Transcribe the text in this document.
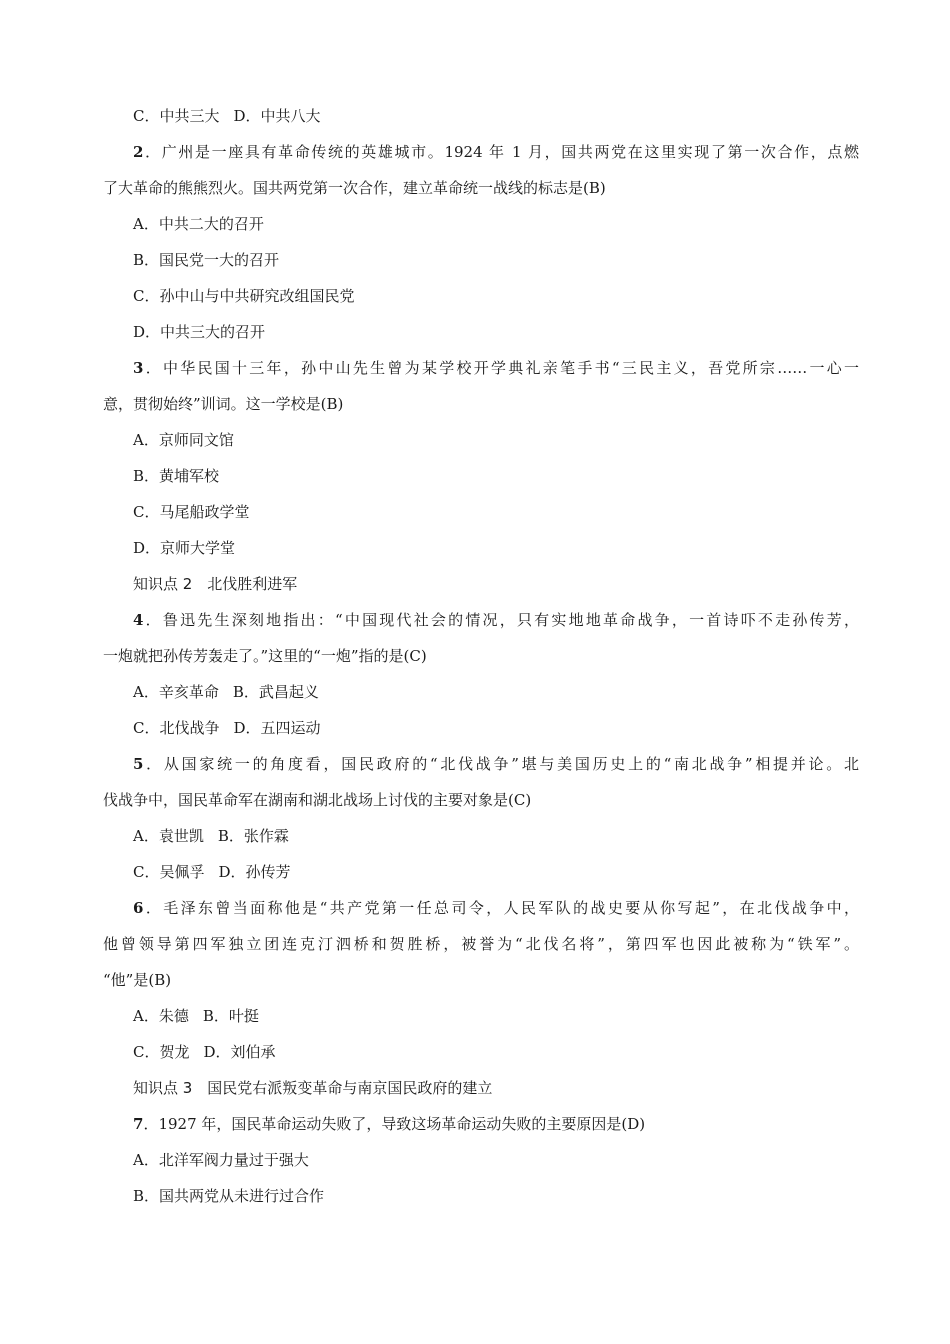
C．中共三大 D．中共八大
2．广州是一座具有革命传统的英雄城市。1924 年 1 月，国共两党在这里实现了第一次合作，点燃
了大革命的熊熊烈火。国共两党第一次合作，建立革命统一战线的标志是(B)
A．中共二大的召开
B．国民党一大的召开
C．孙中山与中共研究改组国民党
D．中共三大的召开
3．中华民国十三年，孙中山先生曾为某学校开学典礼亲笔手书“三民主义，吾党所宗……一心一
意，贯彻始终”训词。这一学校是(B)
A．京师同文馆
B．黄埔军校
C．马尾船政学堂
D．京师大学堂
知识点 2　北伐胜利进军
4．鲁迅先生深刻地指出：“中国现代社会的情况，只有实地地革命战争，一首诗吓不走孙传芳，
一炮就把孙传芳轰走了。”这里的“一炮”指的是(C)
A．辛亥革命 B．武昌起义
C．北伐战争 D．五四运动
5．从国家统一的角度看，国民政府的“北伐战争”堪与美国历史上的“南北战争”相提并论。北
伐战争中，国民革命军在湖南和湖北战场上讨伐的主要对象是(C)
A．袁世凯 B．张作霖
C．吴佩孚 D．孙传芳
6．毛泽东曾当面称他是“共产党第一任总司令，人民军队的战史要从你写起”，在北伐战争中，
他曾领导第四军独立团连克汀泗桥和贺胜桥，被誉为“北伐名将”，第四军也因此被称为“铁军”。
“他”是(B)
A．朱德 B．叶挺
C．贺龙 D．刘伯承
知识点 3　国民党右派叛变革命与南京国民政府的建立
7．1927 年，国民革命运动失败了，导致这场革命运动失败的主要原因是(D)
A．北洋军阀力量过于强大
B．国共两党从未进行过合作
